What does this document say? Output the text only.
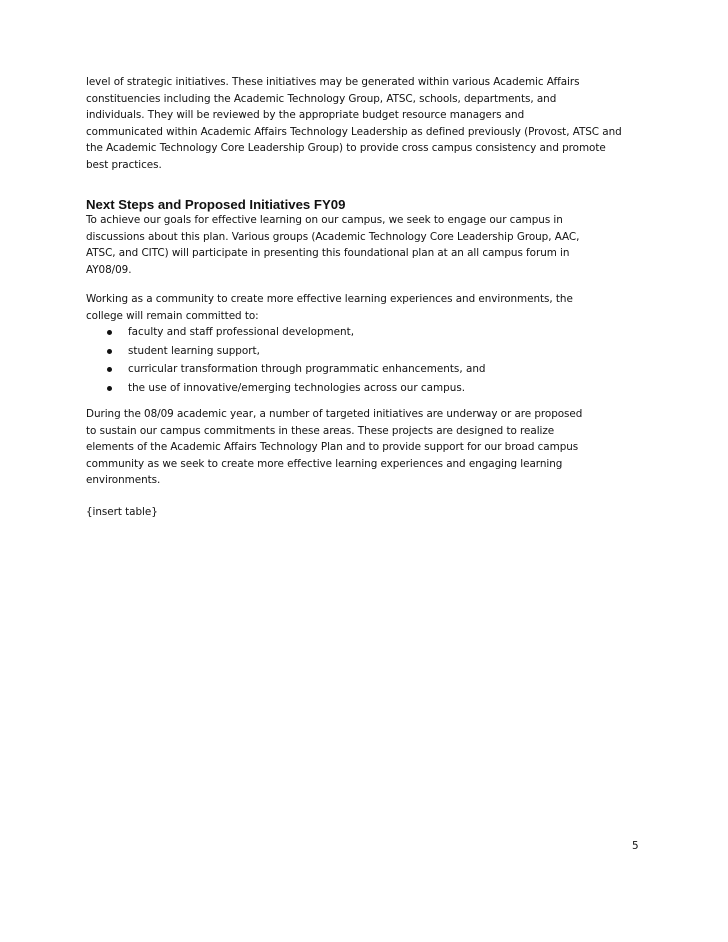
level of strategic initiatives. These initiatives may be generated within various Academic Affairs
constituencies including the Academic Technology Group, ATSC, schools, departments, and
individuals. They will be reviewed by the appropriate budget resource managers and
communicated within Academic Affairs Technology Leadership as defined previously (Provost, ATSC and
the Academic Technology Core Leadership Group) to provide cross campus consistency and promote
best practices.
Next Steps and Proposed Initiatives FY09
To achieve our goals for effective learning on our campus, we seek to engage our campus in
discussions about this plan. Various groups (Academic Technology Core Leadership Group, AAC,
ATSC, and CITC) will participate in presenting this foundational plan at an all campus forum in
AY08/09.
Working as a community to create more effective learning experiences and environments, the
college will remain committed to:
faculty and staff professional development,
student learning support,
curricular transformation through programmatic enhancements, and
the use of innovative/emerging technologies across our campus.
During the 08/09 academic year, a number of targeted initiatives are underway or are proposed
to sustain our campus commitments in these areas. These projects are designed to realize
elements of the Academic Affairs Technology Plan and to provide support for our broad campus
community as we seek to create more effective learning experiences and engaging learning
environments.
{insert table}
5
